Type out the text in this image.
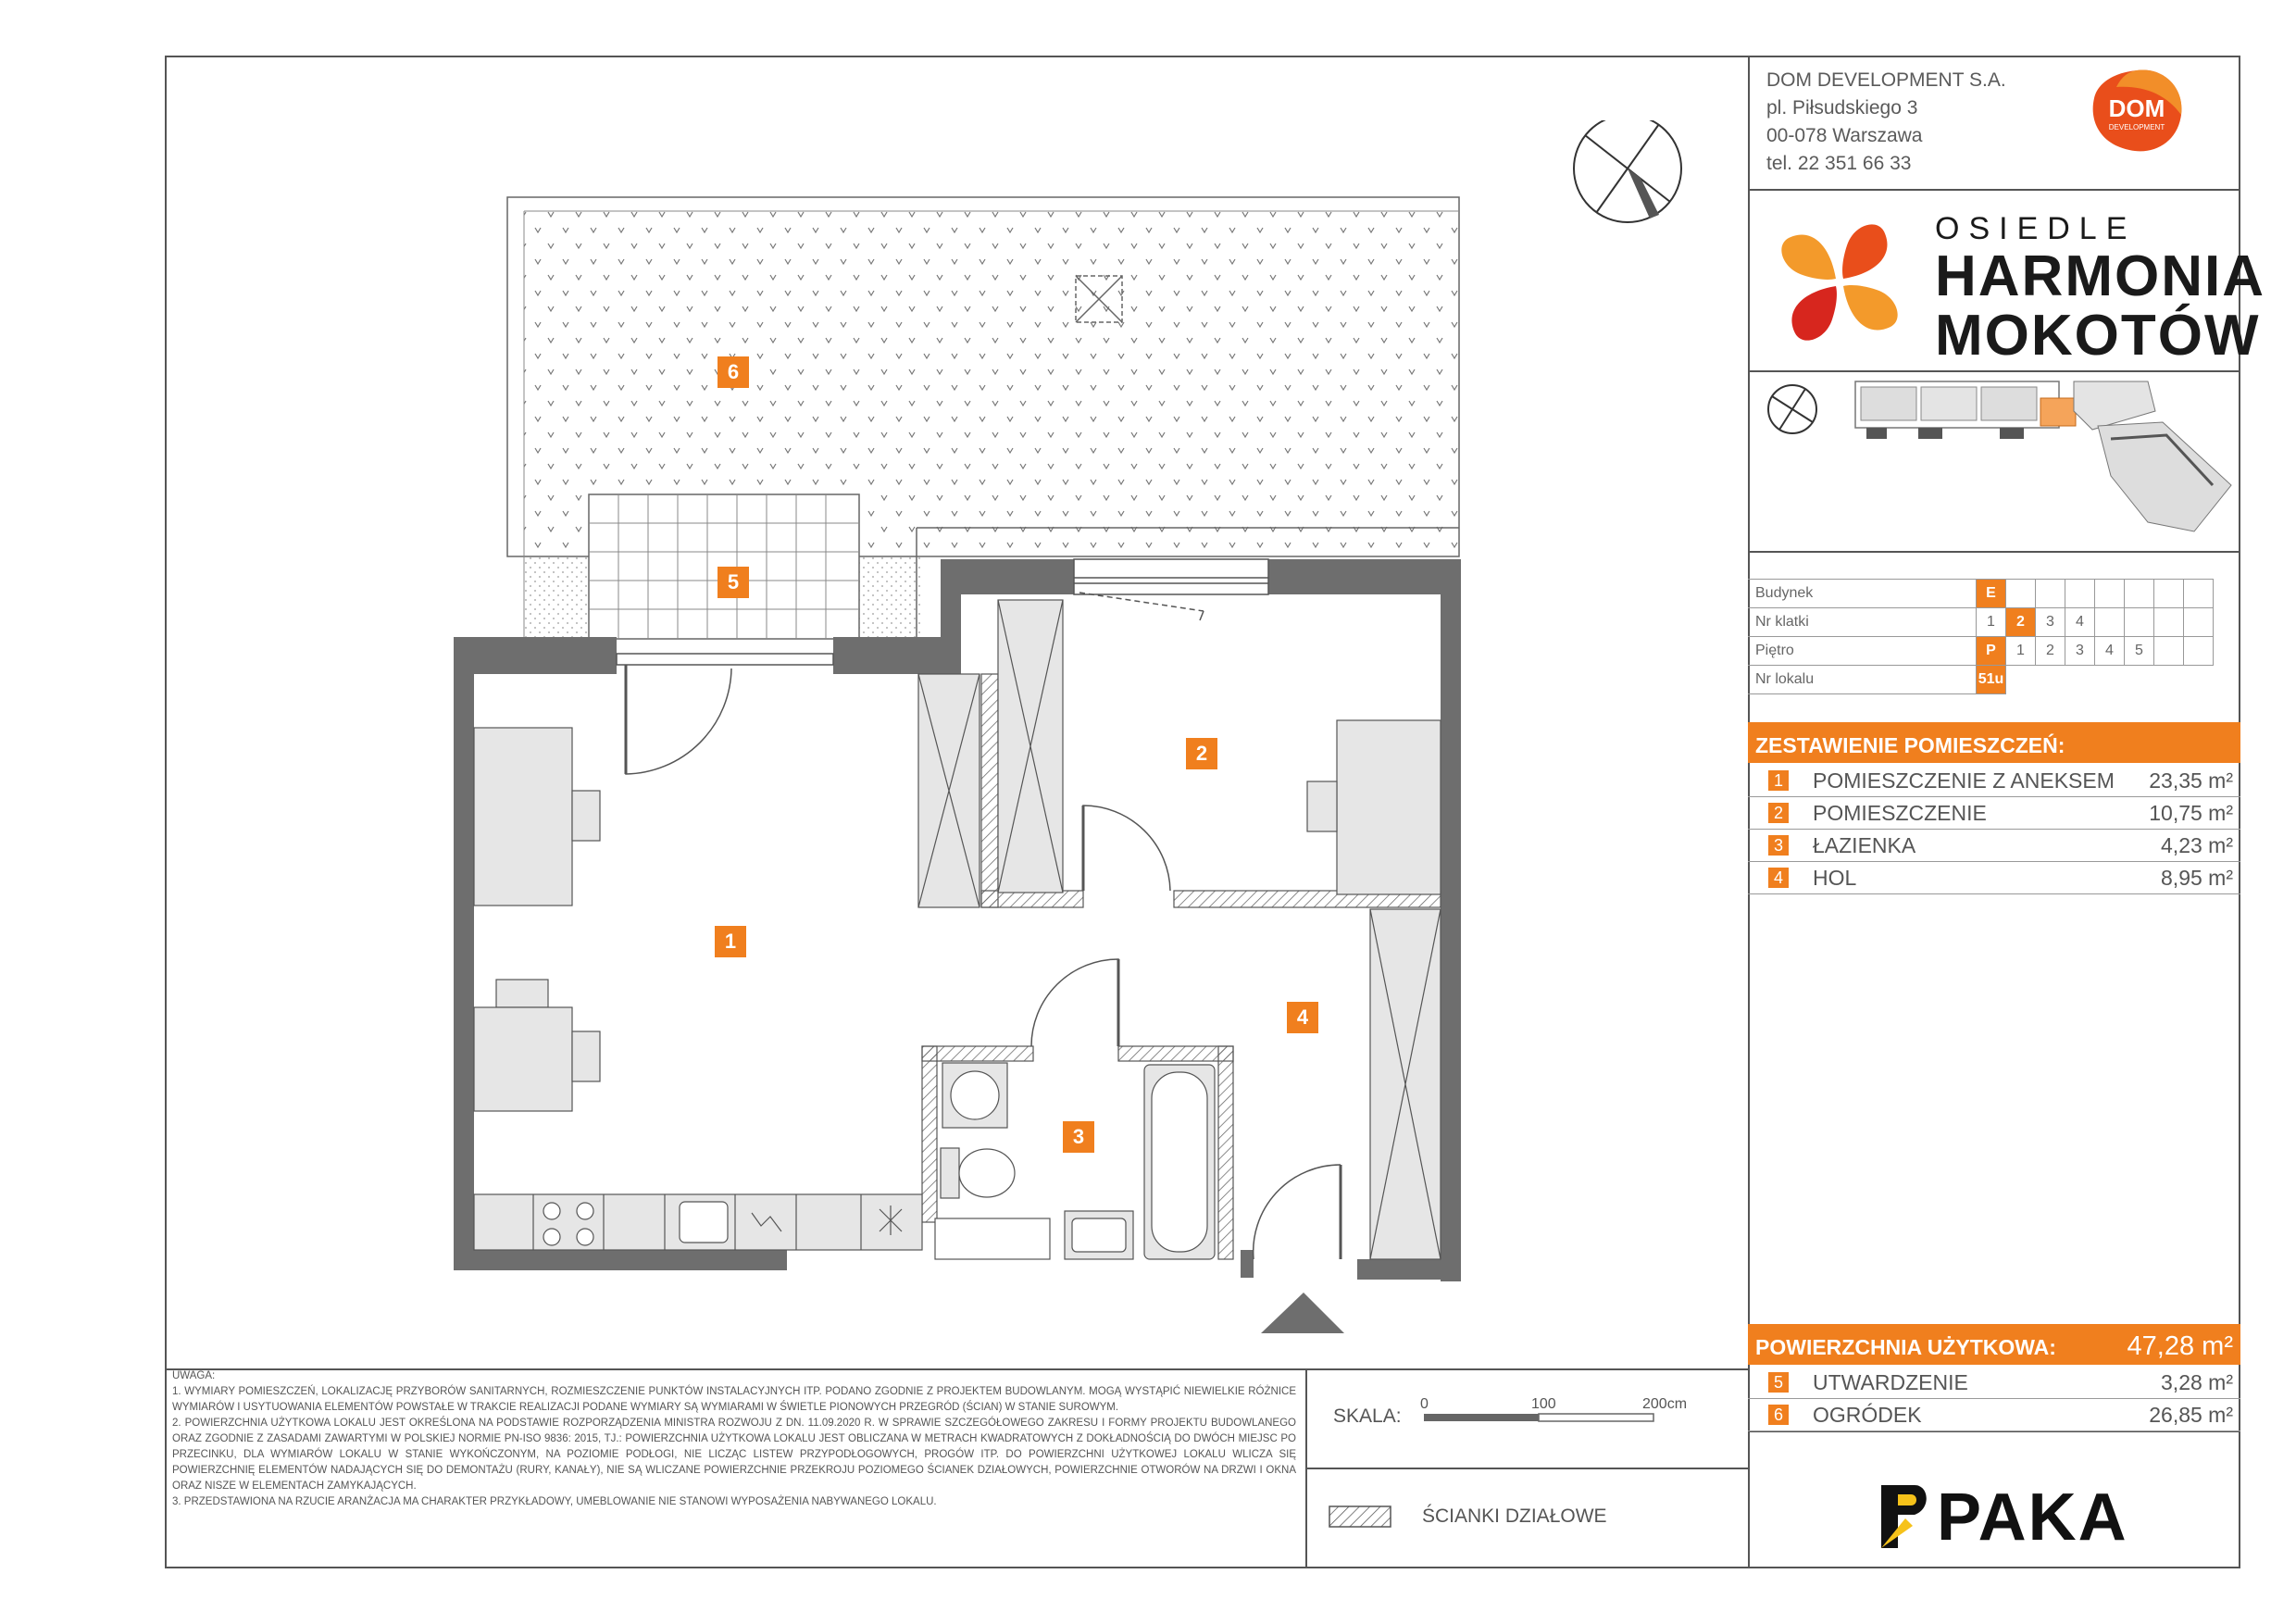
DOM DEVELOPMENT S.A.
pl. Piłsudskiego 3
00-078 Warszawa
tel. 22 351 66 33
DOM
DEVELOPMENT
OSIEDLE
HARMONIA
MOKOTÓW
Budynek	E							
Nr klatki	1	2	3	4				
Piętro	P	1	2	3	4	5		
Nr lokalu	51u							
ZESTAWIENIE POMIESZCZEŃ:
1 POMIESZCZENIE Z ANEKSEM 23,35 m²
2 POMIESZCZENIE	10,75 m²
3 ŁAZIENKA	4,23 m²
4 HOL	8,95 m²
POWIERZCHNIA UŻYTKOWA:	47,28 m²
5 UTWARDZENIE	3,28 m²
6 OGRÓDEK	26,85 m²

UWAGA:

1. WYMIARY POMIESZCZEŃ, LOKALIZACJĘ PRZYBORÓW SANITARNYCH, ROZMIESZCZENIE PUNKTÓW INSTALACYJNYCH ITP. PODANO ZGODNIE Z PROJEKTEM BUDOWLANYM. MOGĄ WYSTĄPIĆ NIEWIELKIE RÓŻNICE WYMIARÓW I USYTUOWANIA ELEMENTÓW POWSTAŁE W TRAKCIE REALIZACJI PODANE WYMIARY SĄ WYMIARAMI W ŚWIETLE PIONOWYCH PRZEGRÓD (ŚCIAN) W STANIE SUROWYM.

2. POWIERZCHNIA UŻYTKOWA LOKALU JEST OKREŚLONA NA PODSTAWIE ROZPORZĄDZENIA MINISTRA ROZWOJU Z DN. 11.09.2020 R. W SPRAWIE SZCZEGÓŁOWEGO ZAKRESU I FORMY PROJEKTU BUDOWLANEGO ORAZ ZGODNIE Z ZASADAMI ZAWARTYMI W POLSKIEJ NORMIE PN-ISO 9836: 2015, TJ.: POWIERZCHNIA UŻYTKOWA LOKALU JEST OBLICZANA W METRACH KWADRATOWYCH Z DOKŁADNOŚCIĄ DO DWÓCH MIEJSC PO PRZECINKU, DLA WYMIARÓW LOKALU W STANIE WYKOŃCZONYM, NA POZIOMIE PODŁOGI, NIE LICZĄC LISTEW PRZYPODŁOGOWYCH, PROGÓW ITP. DO POWIERZCHNI UŻYTKOWEJ LOKALU WLICZA SIĘ POWIERZCHNIĘ ELEMENTÓW NADAJĄCYCH SIĘ DO DEMONTAŻU (RURY, KANAŁY), NIE SĄ WLICZANE POWIERZCHNIE PRZEKROJU POZIOMEGO ŚCIANEK DZIAŁOWYCH, POWIERZCHNIE OTWORÓW NA DRZWI I OKNA ORAZ NISZE W ELEMENTACH ZAMYKAJĄCYCH.

3. PRZEDSTAWIONA NA RZUCIE ARANŻACJA MA CHARAKTER PRZYKŁADOWY, UMEBLOWANIE NIE STANOWI WYPOSAŻENIA NABYWANEGO LOKALU.

SKALA:
0	100	200cm
ŚCIANKI DZIAŁOWE	PAKA
1
2
3
4
5
6
